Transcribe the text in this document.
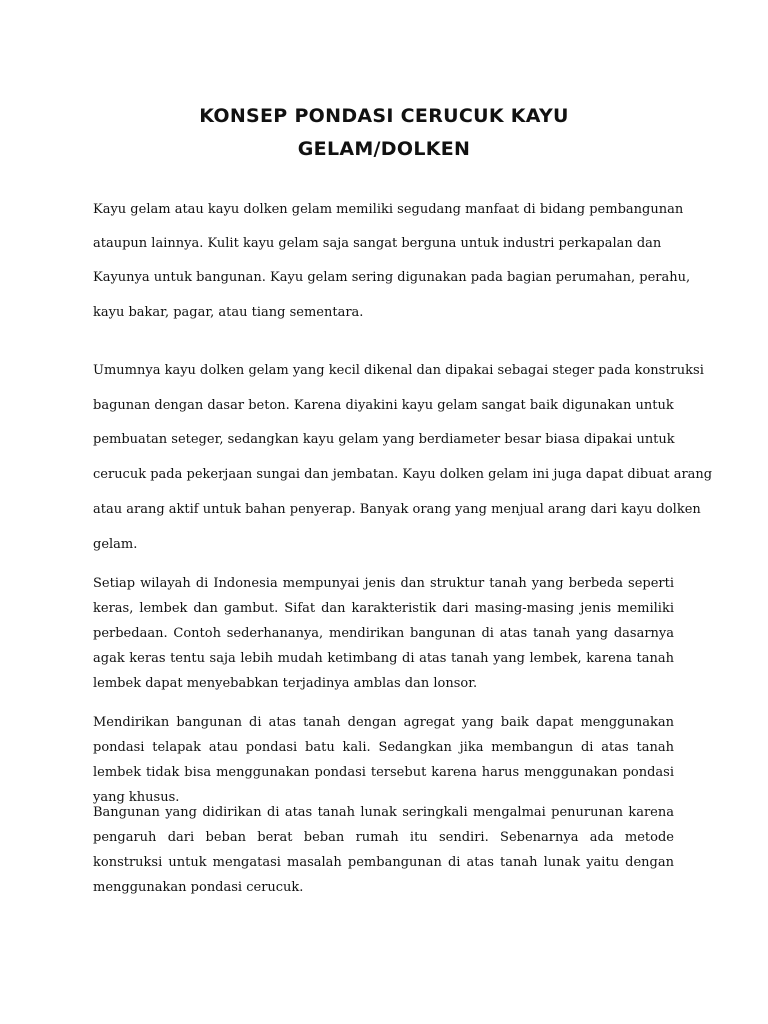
KONSEP PONDASI CERUCUK KAYU
GELAM/DOLKEN
Kayu gelam atau kayu dolken gelam memiliki segudang manfaat di bidang pembangunan
ataupun lainnya. Kulit kayu gelam saja sangat berguna untuk industri perkapalan dan
Kayunya untuk bangunan. Kayu gelam sering digunakan pada bagian perumahan, perahu,
kayu bakar, pagar, atau tiang sementara.
Umumnya kayu dolken gelam yang kecil dikenal dan dipakai sebagai steger pada konstruksi
bagunan dengan dasar beton. Karena diyakini kayu gelam sangat baik digunakan untuk
pembuatan seteger, sedangkan kayu gelam yang berdiameter besar biasa dipakai untuk
cerucuk pada pekerjaan sungai dan jembatan. Kayu dolken gelam ini juga dapat dibuat arang
atau arang aktif untuk bahan penyerap. Banyak orang yang menjual arang dari kayu dolken
gelam.

Setiap wilayah di Indonesia mempunyai jenis dan struktur tanah yang berbeda seperti keras, lembek dan gambut. Sifat dan karakteristik dari masing-masing jenis memiliki perbedaan. Contoh sederhananya, mendirikan bangunan di atas tanah yang dasarnya agak keras tentu saja lebih mudah ketimbang di atas tanah yang lembek, karena tanah lembek dapat menyebabkan terjadinya amblas dan lonsor.

Mendirikan bangunan di atas tanah dengan agregat yang baik dapat menggunakan pondasi telapak atau pondasi batu kali. Sedangkan jika membangun di atas tanah lembek tidak bisa menggunakan pondasi tersebut karena harus menggunakan pondasi yang khusus.

Bangunan yang didirikan di atas tanah lunak seringkali mengalmai penurunan karena pengaruh dari beban berat beban rumah itu sendiri. Sebenarnya ada metode konstruksi untuk mengatasi masalah pembangunan di atas tanah lunak yaitu dengan menggunakan pondasi cerucuk.
